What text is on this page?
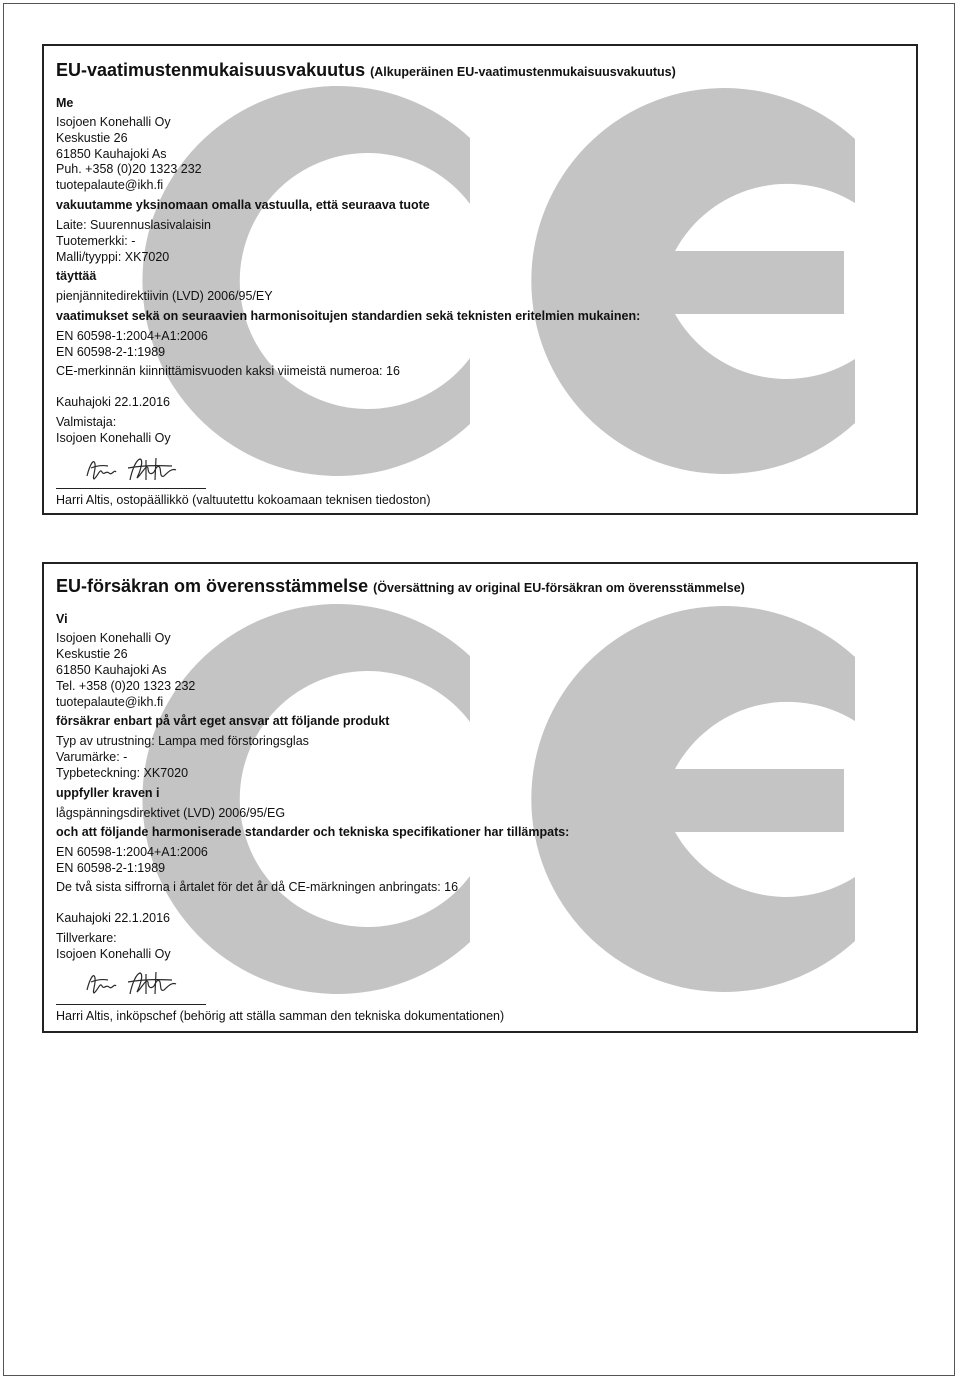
EU-vaatimustenmukaisuusvakuutus (Alkuperäinen EU-vaatimustenmukaisuusvakuutus)
Me
Isojoen Konehalli Oy
Keskustie 26
61850 Kauhajoki As
Puh. +358 (0)20 1323 232
tuotepalaute@ikh.fi
vakuutamme yksinomaan omalla vastuulla, että seuraava tuote
Laite: Suurennuslasivalaisin
Tuotemerkki: -
Malli/tyyppi: XK7020
täyttää
pienjännitedirektiivin (LVD) 2006/95/EY
vaatimukset sekä on seuraavien harmonisoitujen standardien sekä teknisten eritelmien mukainen:
EN 60598-1:2004+A1:2006
EN 60598-2-1:1989
CE-merkinnän kiinnittämisvuoden kaksi viimeistä numeroa: 16
Kauhajoki 22.1.2016
Valmistaja:
Isojoen Konehalli Oy
Harri Altis, ostopäällikkö (valtuutettu kokoamaan teknisen tiedoston)
EU-försäkran om överensstämmelse (Översättning av original EU-försäkran om överensstämmelse)
Vi
Isojoen Konehalli Oy
Keskustie 26
61850 Kauhajoki As
Tel. +358 (0)20 1323 232
tuotepalaute@ikh.fi
försäkrar enbart på vårt eget ansvar att följande produkt
Typ av utrustning: Lampa med förstoringsglas
Varumärke: -
Typbeteckning: XK7020
uppfyller kraven i
lågspänningsdirektivet (LVD) 2006/95/EG
och att följande harmoniserade standarder och tekniska specifikationer har tillämpats:
EN 60598-1:2004+A1:2006
EN 60598-2-1:1989
De två sista siffrorna i årtalet för det år då CE-märkningen anbringats: 16
Kauhajoki 22.1.2016
Tillverkare:
Isojoen Konehalli Oy
Harri Altis, inköpschef (behörig att ställa samman den tekniska dokumentationen)
